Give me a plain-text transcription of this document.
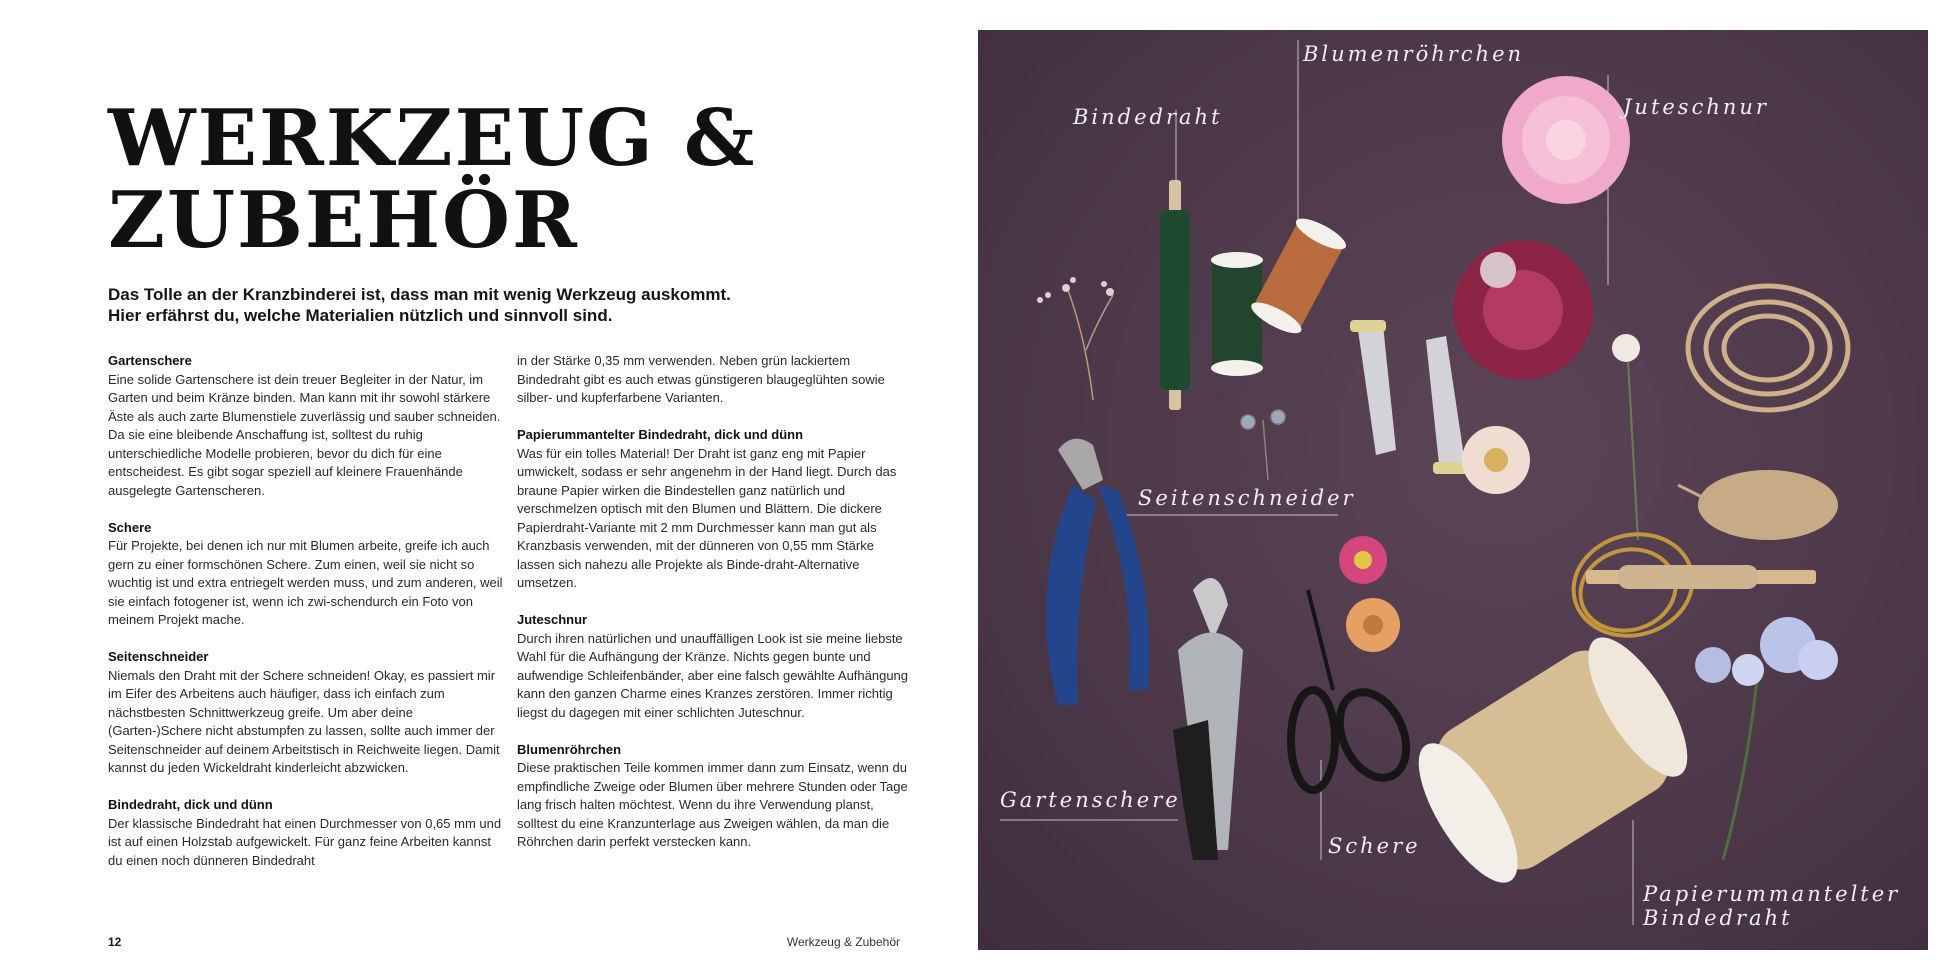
WERKZEUG &
ZUBEHÖR

Das Tolle an der Kranzbinderei ist, dass man mit wenig Werkzeug auskommt.
Hier erfährst du, welche Materialien nützlich und sinnvoll sind.

Gartenschere

Eine solide Gartenschere ist dein treuer Begleiter in der Natur, im Garten und beim Kränze binden. Man kann mit ihr sowohl stärkere Äste als auch zarte Blumenstiele zuverlässig und sauber schneiden. Da sie eine bleibende Anschaffung ist, solltest du ruhig unterschiedliche Modelle probieren, bevor du dich für eine entscheidest. Es gibt sogar speziell auf kleinere Frauenhände ausgelegte Gartenscheren.

Schere

Für Projekte, bei denen ich nur mit Blumen arbeite, greife ich auch gern zu einer formschönen Schere. Zum einen, weil sie nicht so wuchtig ist und extra entriegelt werden muss, und zum anderen, weil sie einfach fotogener ist, wenn ich zwi-schendurch ein Foto von meinem Projekt mache.

Seitenschneider

Niemals den Draht mit der Schere schneiden! Okay, es passiert mir im Eifer des Arbeitens auch häufiger, dass ich einfach zum nächstbesten Schnittwerkzeug greife. Um aber deine (Garten-)Schere nicht abstumpfen zu lassen, sollte auch immer der Seitenschneider auf deinem Arbeitstisch in Reichweite liegen. Damit kannst du jeden Wickeldraht kinderleicht abzwicken.

Bindedraht, dick und dünn

Der klassische Bindedraht hat einen Durchmesser von 0,65 mm und ist auf einen Holzstab aufgewickelt. Für ganz feine Arbeiten kannst du einen noch dünneren Bindedraht

in der Stärke 0,35 mm verwenden. Neben grün lackiertem Bindedraht gibt es auch etwas günstigeren blaugeglühten sowie silber- und kupferfarbene Varianten.

Papierummantelter Bindedraht, dick und dünn

Was für ein tolles Material! Der Draht ist ganz eng mit Papier umwickelt, sodass er sehr angenehm in der Hand liegt. Durch das braune Papier wirken die Bindestellen ganz natürlich und verschmelzen optisch mit den Blumen und Blättern. Die dickere Papierdraht-Variante mit 2 mm Durchmesser kann man gut als Kranzbasis verwenden, mit der dünneren von 0,55 mm Stärke lassen sich nahezu alle Projekte als Binde-draht-Alternative umsetzen.

Juteschnur

Durch ihren natürlichen und unauffälligen Look ist sie meine liebste Wahl für die Aufhängung der Kränze. Nichts gegen bunte und aufwendige Schleifenbänder, aber eine falsch gewählte Aufhängung kann den ganzen Charme eines Kranzes zerstören. Immer richtig liegst du dagegen mit einer schlichten Juteschnur.

Blumenröhrchen

Diese praktischen Teile kommen immer dann zum Einsatz, wenn du empfindliche Zweige oder Blumen über mehrere Stunden oder Tage lang frisch halten möchtest. Wenn du ihre Verwendung planst, solltest du eine Kranzunterlage aus Zweigen wählen, da man die Röhrchen darin perfekt verstecken kann.

12	Werkzeug & Zubehör
Bindedraht
Blumenröhrchen
Juteschnur
Seitenschneider
Gartenschere
Schere
Papierummantelter
Bindedraht
